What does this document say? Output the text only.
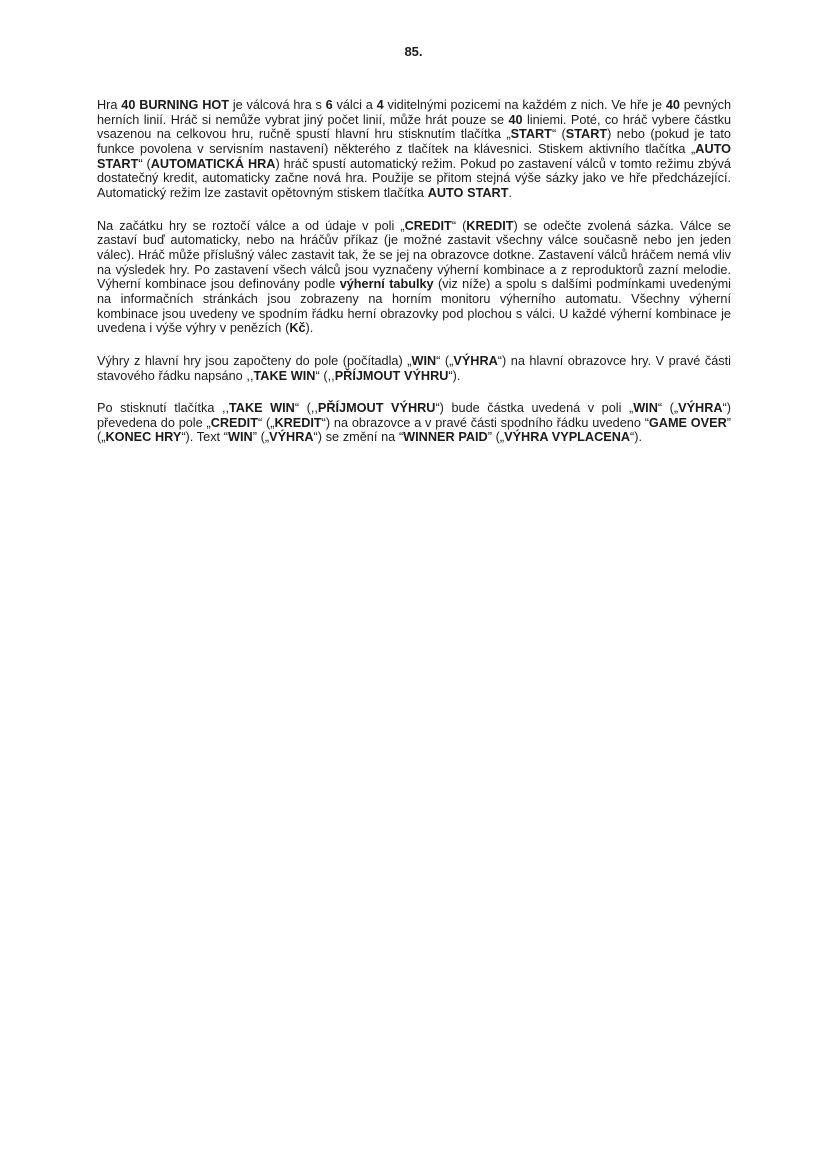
85.

Hra 40 BURNING HOT je válcová hra s 6 válci a 4 viditelnými pozicemi na každém z nich. Ve hře je 40 pevných herních linií. Hráč si nemůže vybrat jiný počet linií, může hrát pouze se 40 liniemi. Poté, co hráč vybere částku vsazenou na celkovou hru, ručně spustí hlavní hru stisknutím tlačítka „START“ (START) nebo (pokud je tato funkce povolena v servisním nastavení) některého z tlačítek na klávesnici. Stiskem aktivního tlačítka „AUTO START“ (AUTOMATICKÁ HRA) hráč spustí automatický režim. Pokud po zastavení válců v tomto režimu zbývá dostatečný kredit, automaticky začne nová hra. Použije se přitom stejná výše sázky jako ve hře předcházející. Automatický režim lze zastavit opětovným stiskem tlačítka AUTO START.

Na začátku hry se roztočí válce a od údaje v poli „CREDIT“ (KREDIT) se odečte zvolená sázka. Válce se zastaví buď automaticky, nebo na hráčův příkaz (je možné zastavit všechny válce současně nebo jen jeden válec). Hráč může příslušný válec zastavit tak, že se jej na obrazovce dotkne. Zastavení válců hráčem nemá vliv na výsledek hry. Po zastavení všech válců jsou vyznačeny výherní kombinace a z reproduktorů zazní melodie. Výherní kombinace jsou definovány podle výherní tabulky (viz níže) a spolu s dalšími podmínkami uvedenými na informačních stránkách jsou zobrazeny na horním monitoru výherního automatu. Všechny výherní kombinace jsou uvedeny ve spodním řádku herní obrazovky pod plochou s válci. U každé výherní kombinace je uvedena i výše výhry v penězích (Kč).

Výhry z hlavní hry jsou započteny do pole (počítadla) „WIN“ („VÝHRA“) na hlavní obrazovce hry. V pravé části stavového řádku napsáno ,,TAKE WIN“ (,,PŘÍJMOUT VÝHRU“).

Po stisknutí tlačítka ,,TAKE WIN“ (,,PŘÍJMOUT VÝHRU“) bude částka uvedená v poli „WIN“ („VÝHRA“) převedena do pole „CREDIT“ („KREDIT“) na obrazovce a v pravé části spodního řádku uvedeno “GAME OVER” („KONEC HRY“). Text “WIN” („VÝHRA“) se změní na “WINNER PAID” („VÝHRA VYPLACENA“).
